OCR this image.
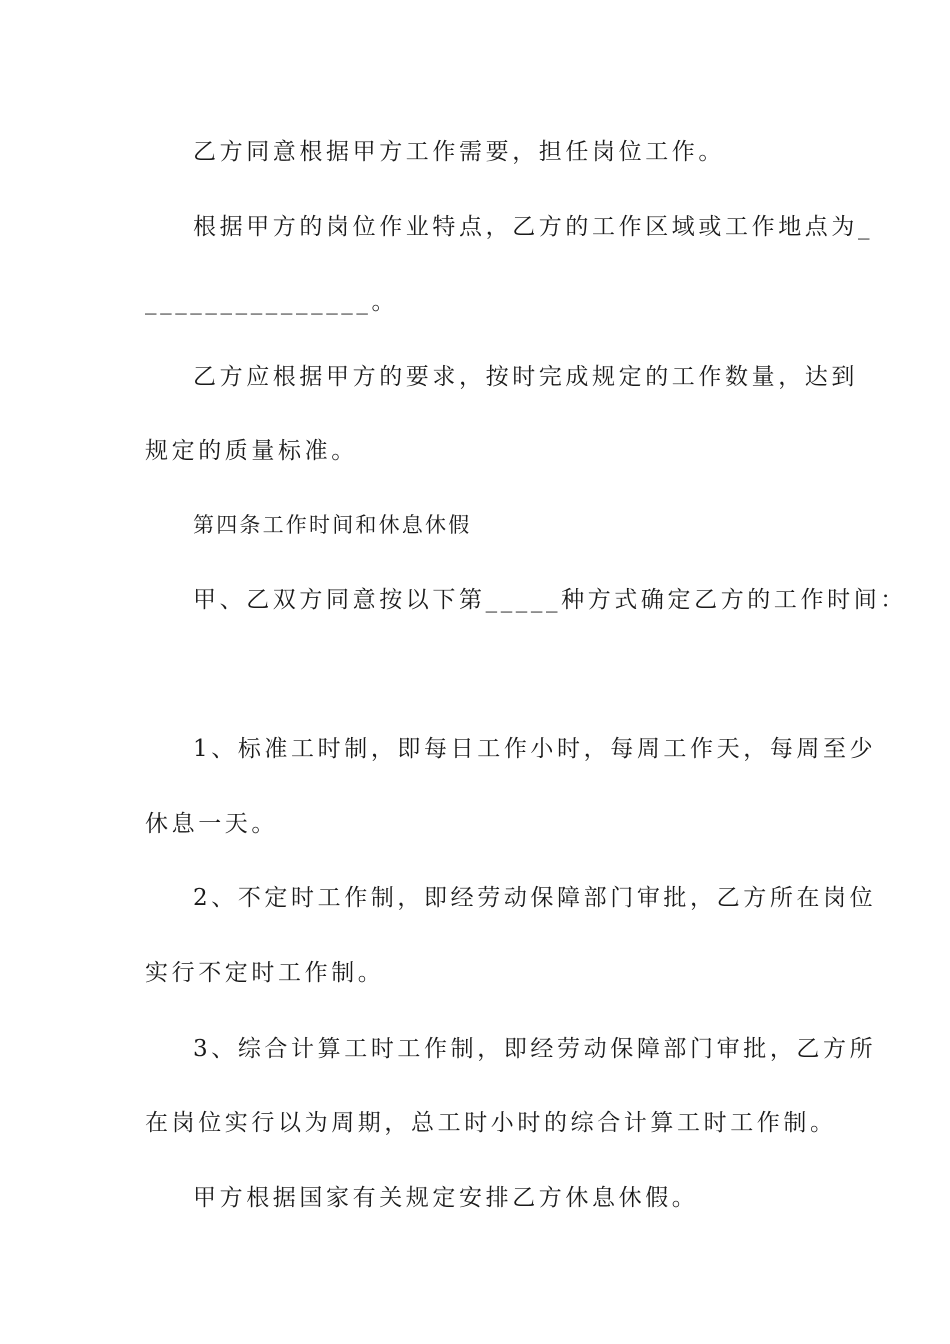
乙方同意根据甲方工作需要，担任岗位工作。
根据甲方的岗位作业特点，乙方的工作区域或工作地点为_
_______________。
乙方应根据甲方的要求，按时完成规定的工作数量，达到
规定的质量标准。
第四条工作时间和休息休假
甲、乙双方同意按以下第_____种方式确定乙方的工作时间：
1、标准工时制，即每日工作小时，每周工作天，每周至少
休息一天。
2、不定时工作制，即经劳动保障部门审批，乙方所在岗位
实行不定时工作制。
3、综合计算工时工作制，即经劳动保障部门审批，乙方所
在岗位实行以为周期，总工时小时的综合计算工时工作制。
甲方根据国家有关规定安排乙方休息休假。
